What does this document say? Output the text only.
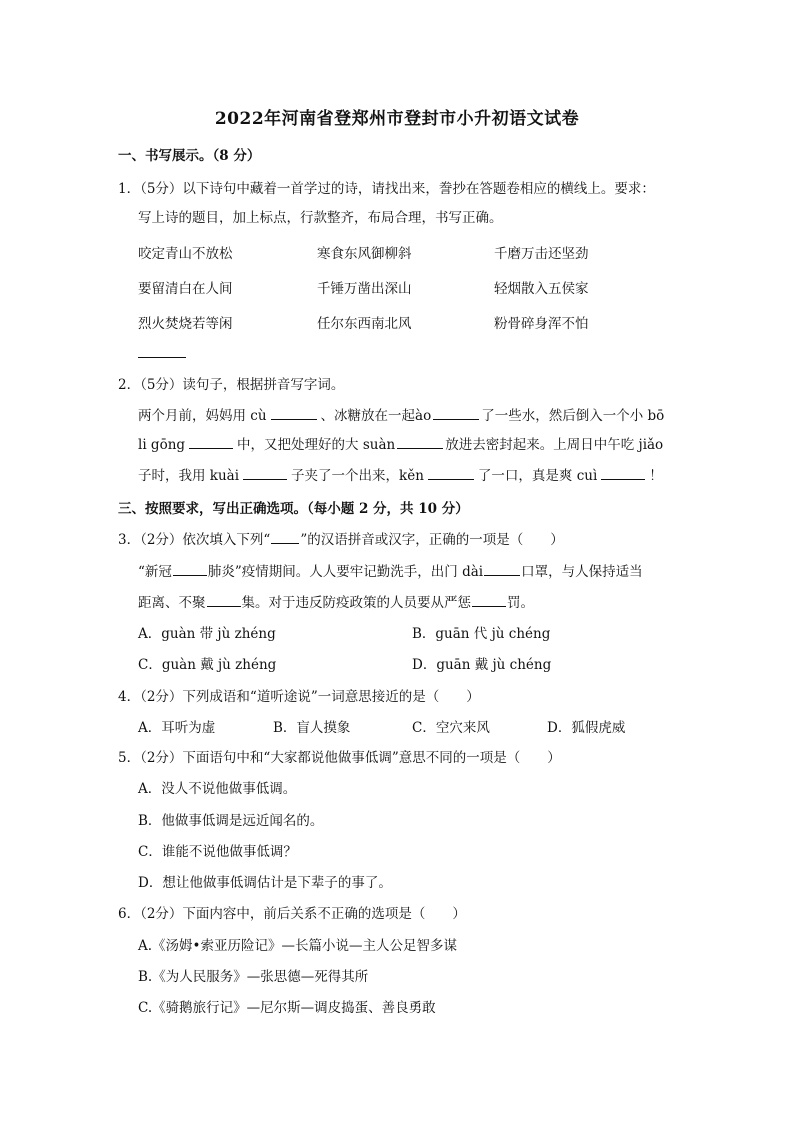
2022年河南省登郑州市登封市小升初语文试卷
一、书写展示。（8 分）
1．（5分）以下诗句中藏着一首学过的诗，请找出来，誊抄在答题卷相应的横线上。要求：
写上诗的题目，加上标点，行款整齐，布局合理，书写正确。
咬定青山不放松	寒食东风御柳斜	千磨万击还坚劲
要留清白在人间	千锤万凿出深山	轻烟散入五侯家
烈火焚烧若等闲	任尔东西南北风	粉骨碎身浑不怕
2．（5分）读句子，根据拼音写字词。
两个月前，妈妈用 cù	、冰糖放在一起ào	了一些水，然后倒入一个小 bō
li gōng	中，又把处理好的大 suàn	放进去密封起来。上周日中午吃 jiǎo
子时，我用 kuài	子夹了一个出来，kěn	了一口，真是爽 cuì	！
三、按照要求，写出正确选项。（每小题 2 分，共 10 分）
3．（2分）依次填入下列“ ”的汉语拼音或汉字，正确的一项是（　　）
“新冠	肺炎”疫情期间。人人要牢记勤洗手，出门 dài	口罩，与人保持适当
距离、不聚	集。对于违反防疫政策的人员要从严惩	罚。
A．guàn 带 jù zhéng	B．guān 代 jù chéng
C．guàn 戴 jù zhéng	D．guān 戴 jù chéng
4．（2分）下列成语和“道听途说”一词意思接近的是（　　）
A．耳听为虚	B．盲人摸象	C．空穴来风	D．狐假虎威
5．（2分）下面语句中和“大家都说他做事低调”意思不同的一项是（　　）
A．没人不说他做事低调。
B．他做事低调是远近闻名的。
C．谁能不说他做事低调？
D．想让他做事低调估计是下辈子的事了。
6．（2分）下面内容中，前后关系不正确的选项是（　　）
A.《汤姆•索亚历险记》—长篇小说—主人公足智多谋
B.《为人民服务》—张思德—死得其所
C.《骑鹅旅行记》—尼尔斯—调皮捣蛋、善良勇敢
